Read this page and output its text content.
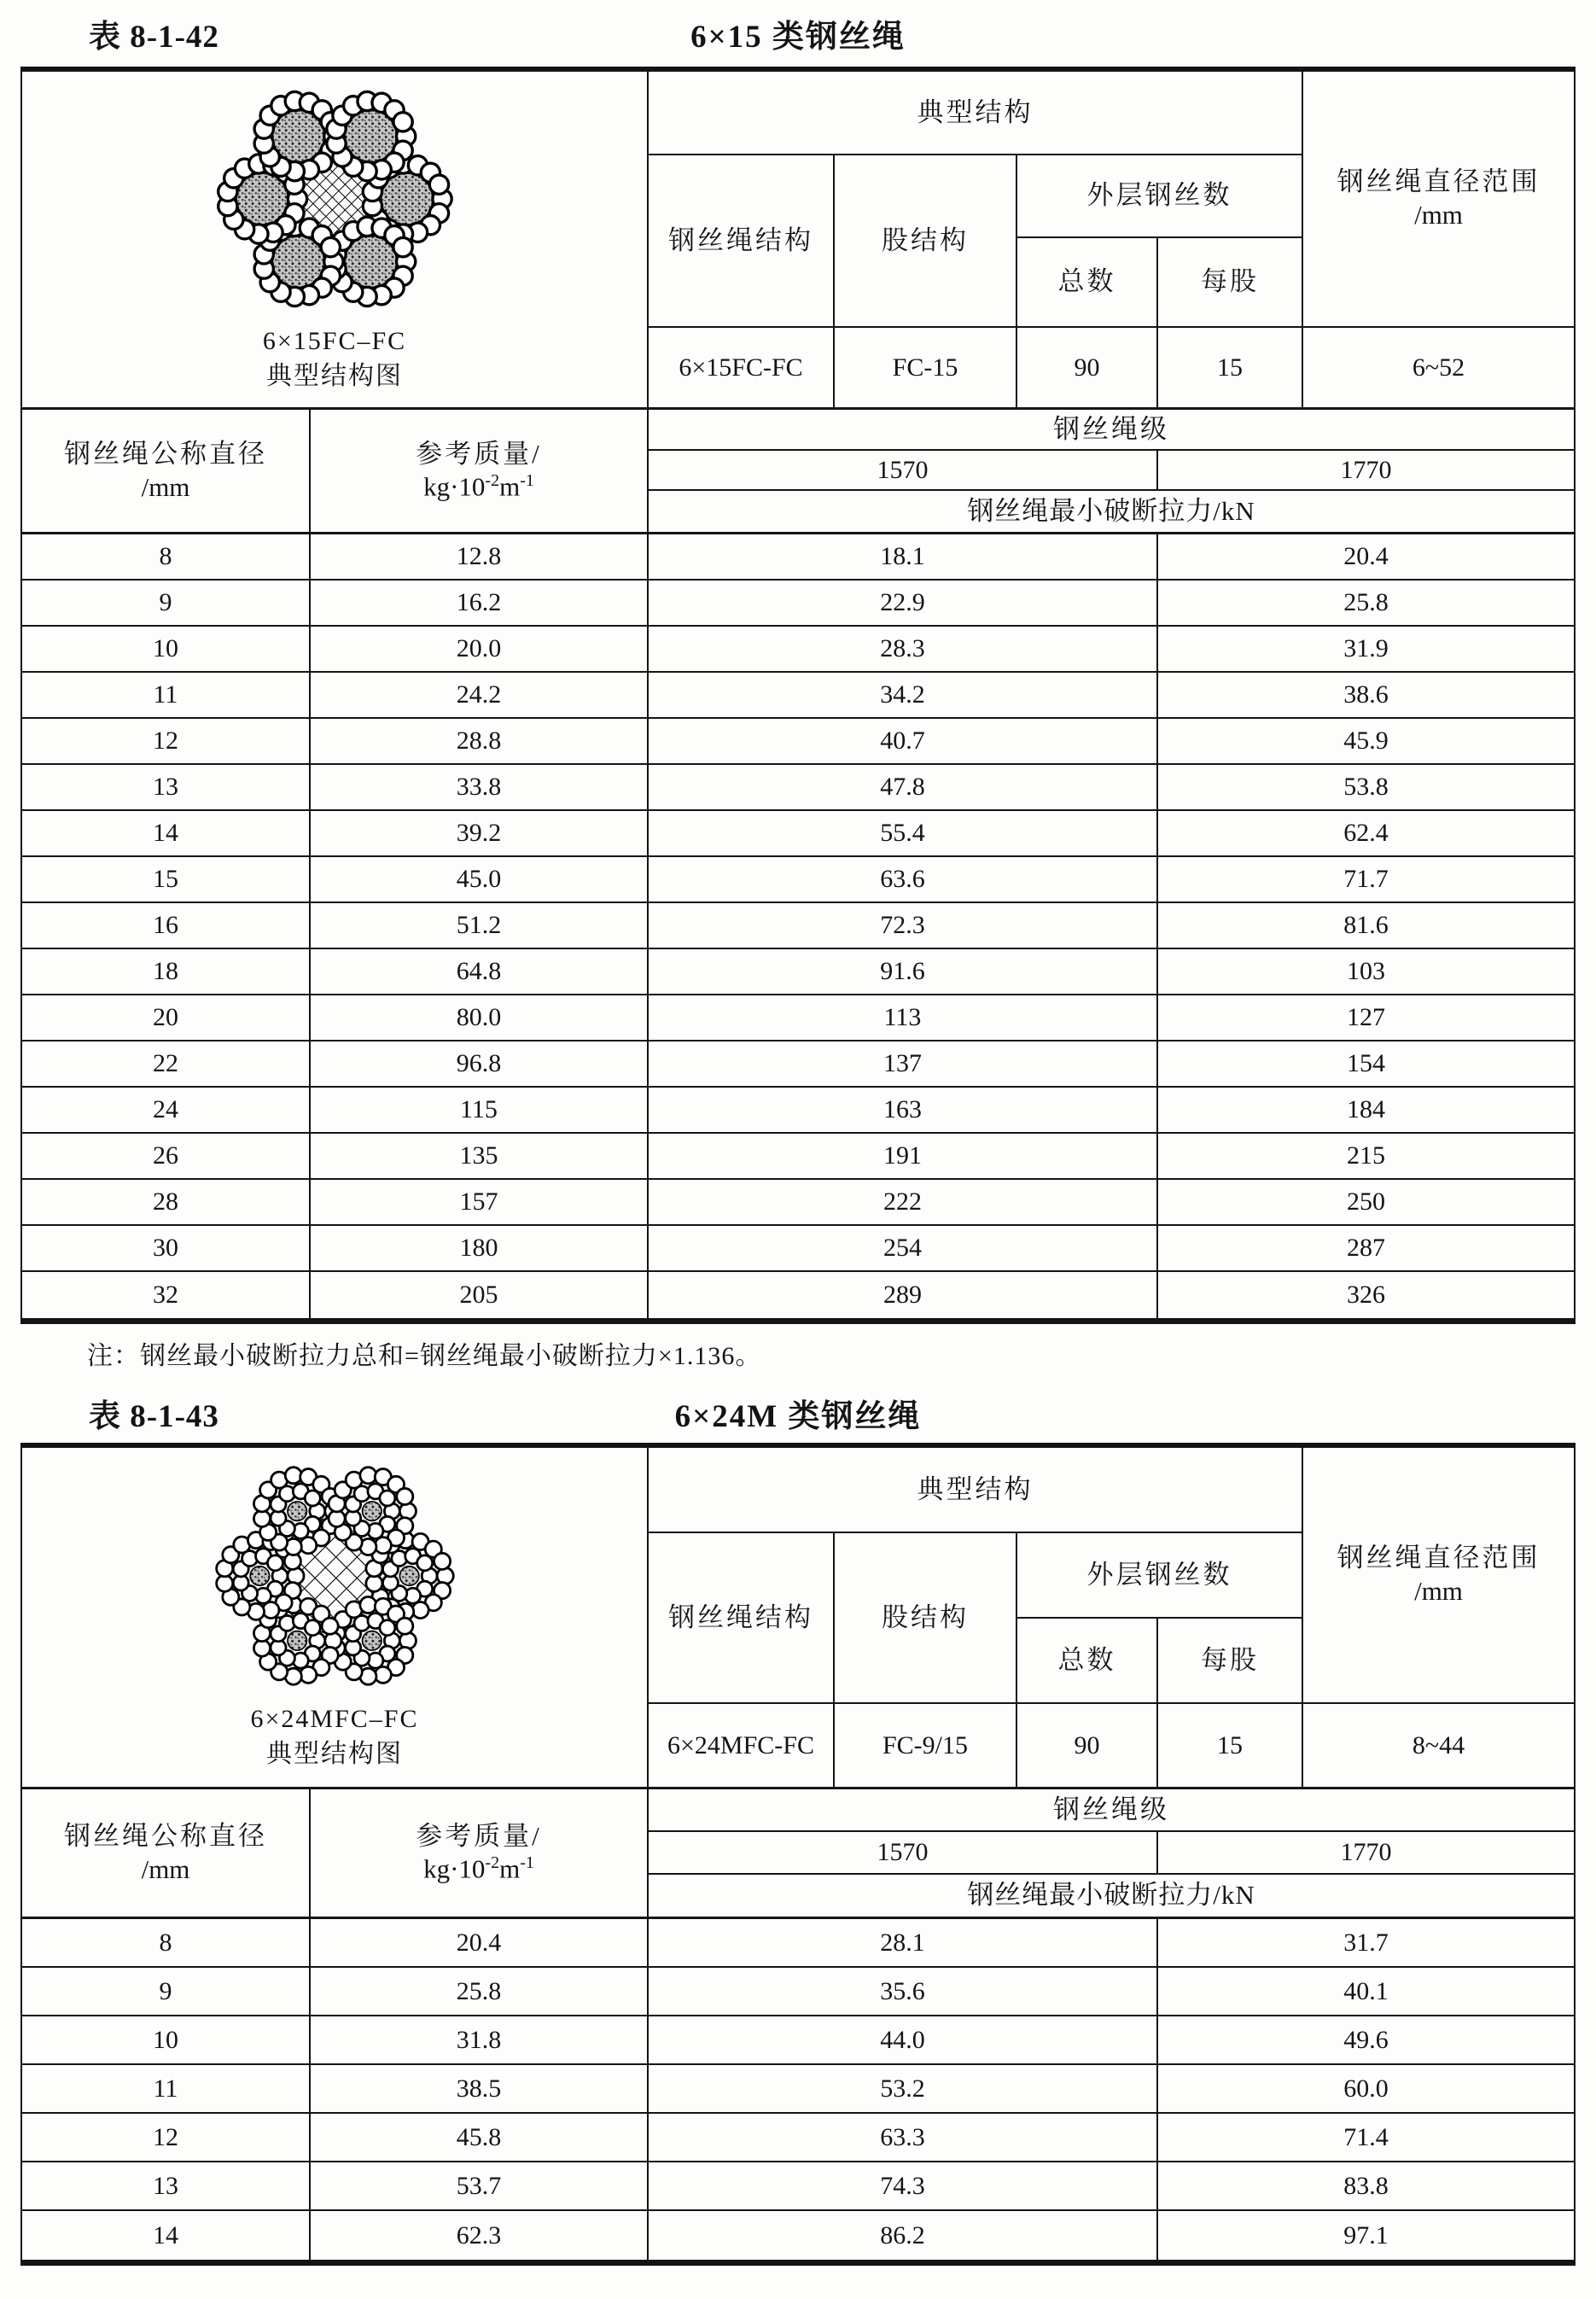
表 8-1-42	6×15 类钢丝绳
6×15FC–FC
典型结构图
典型结构
钢丝绳直径范围
/mm
钢丝绳结构	股结构
外层钢丝数
总数	每股
6×15FC-FC	FC-15	90	15	6~52
钢丝绳公称直径
/mm
参考质量/
$kg\cdot 10^{-2}m^{-1}$
钢丝绳级
1570	1770
钢丝绳最小破断拉力/kN
8	12.8	18.1	20.4
9	16.2	22.9	25.8
10	20.0	28.3	31.9
11	24.2	34.2	38.6
12	28.8	40.7	45.9
13	33.8	47.8	53.8
14	39.2	55.4	62.4
15	45.0	63.6	71.7
16	51.2	72.3	81.6
18	64.8	91.6	103
20	80.0	113	127
22	96.8	137	154
24	115	163	184
26	135	191	215
28	157	222	250
30	180	254	287
32	205	289	326
注：钢丝最小破断拉力总和=钢丝绳最小破断拉力×1.136。
表 8-1-43	6×24M 类钢丝绳
6×24MFC–FC
典型结构图
典型结构
钢丝绳直径范围
/mm
钢丝绳结构	股结构
外层钢丝数
总数	每股
6×24MFC-FC	FC-9/15	90	15	8~44
钢丝绳公称直径
/mm
参考质量/
$kg\cdot 10^{-2}m^{-1}$
钢丝绳级
1570	1770
钢丝绳最小破断拉力/kN
8	20.4	28.1	31.7
9	25.8	35.6	40.1
10	31.8	44.0	49.6
11	38.5	53.2	60.0
12	45.8	63.3	71.4
13	53.7	74.3	83.8
14	62.3	86.2	97.1
